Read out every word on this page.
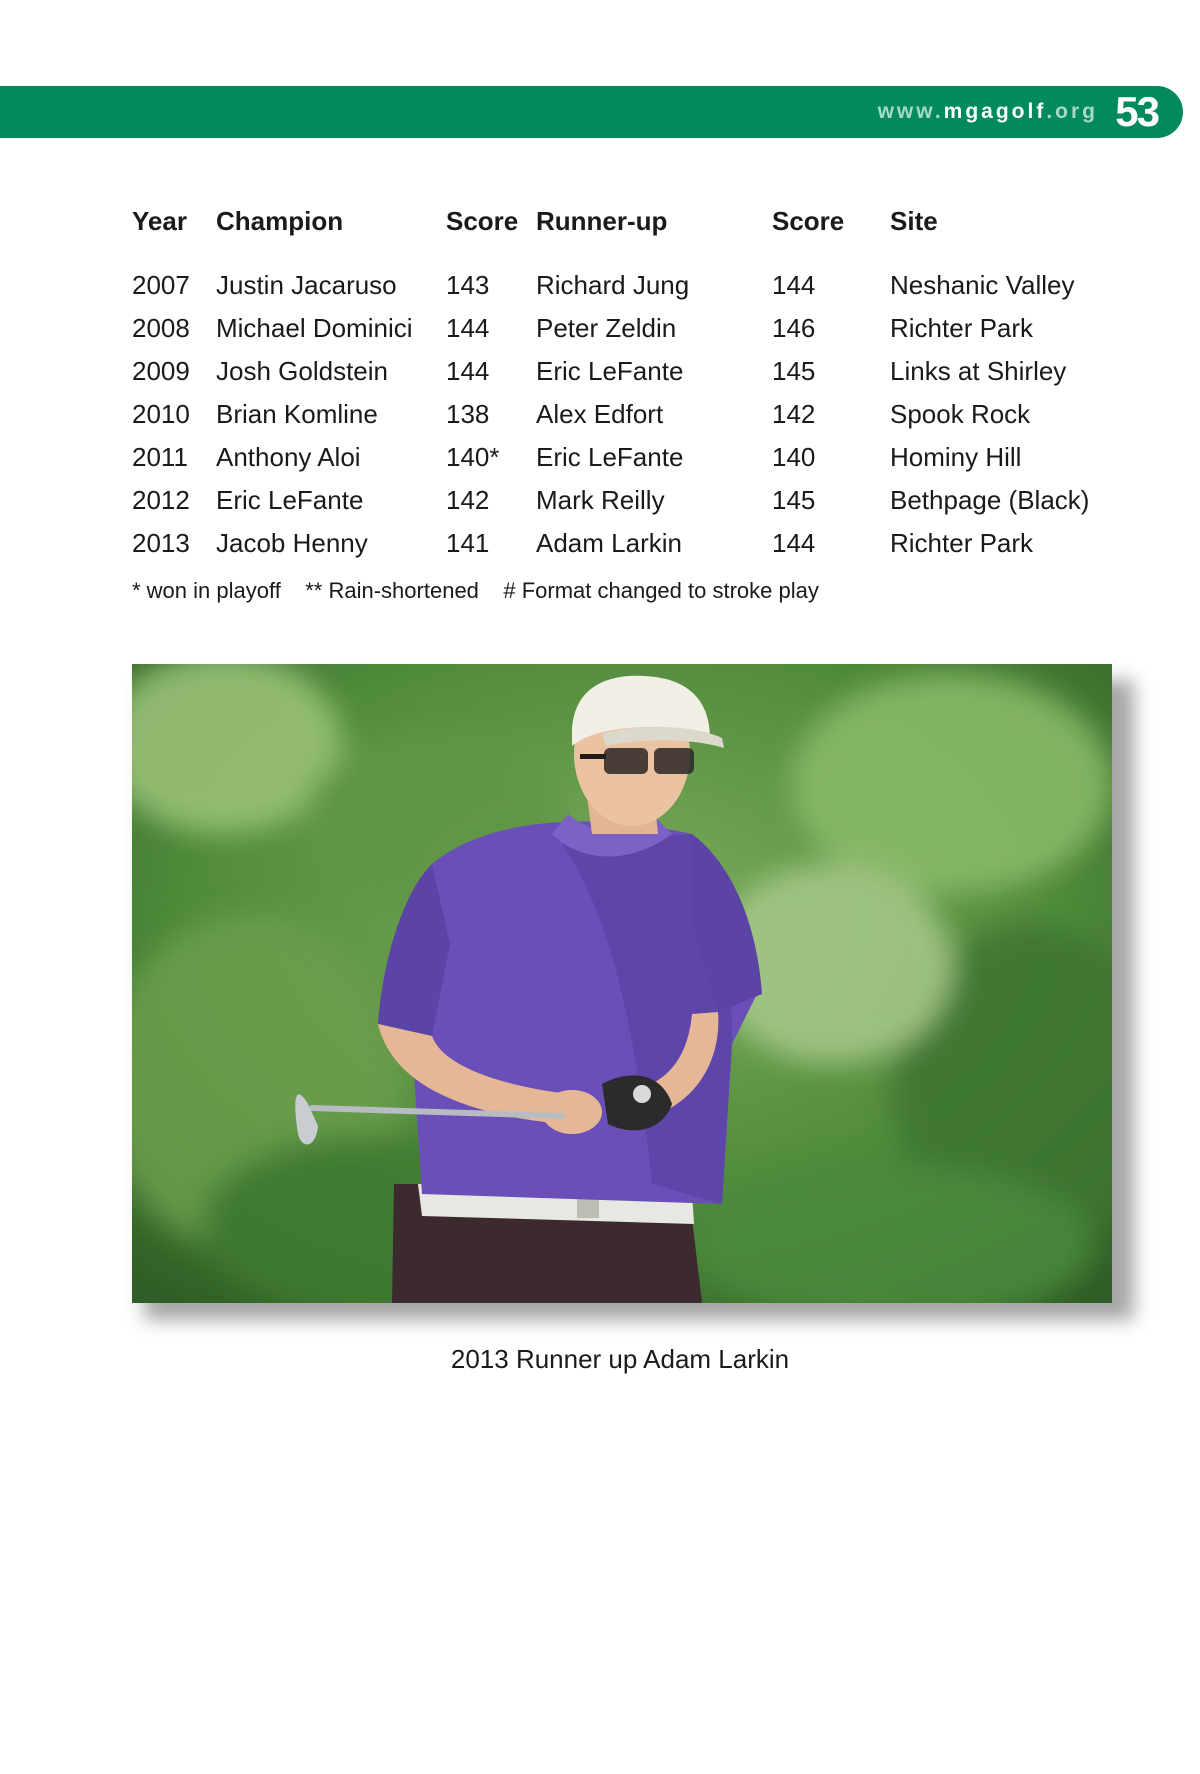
www.mgagolf.org 53
Year	Champion	Score	Runner-up	Score	Site

2007	Justin Jacaruso	143	Richard Jung	144	Neshanic Valley
2008	Michael Dominici	144	Peter Zeldin	146	Richter Park
2009	Josh Goldstein	144	Eric LeFante	145	Links at Shirley
2010	Brian Komline	138	Alex Edfort	142	Spook Rock
2011	Anthony Aloi	140*	Eric LeFante	140	Hominy Hill
2012	Eric LeFante	142	Mark Reilly	145	Bethpage (Black)
2013	Jacob Henny	141	Adam Larkin	144	Richter Park
* won in playoff    ** Rain-shortened    # Format changed to stroke play
2013 Runner up Adam Larkin
